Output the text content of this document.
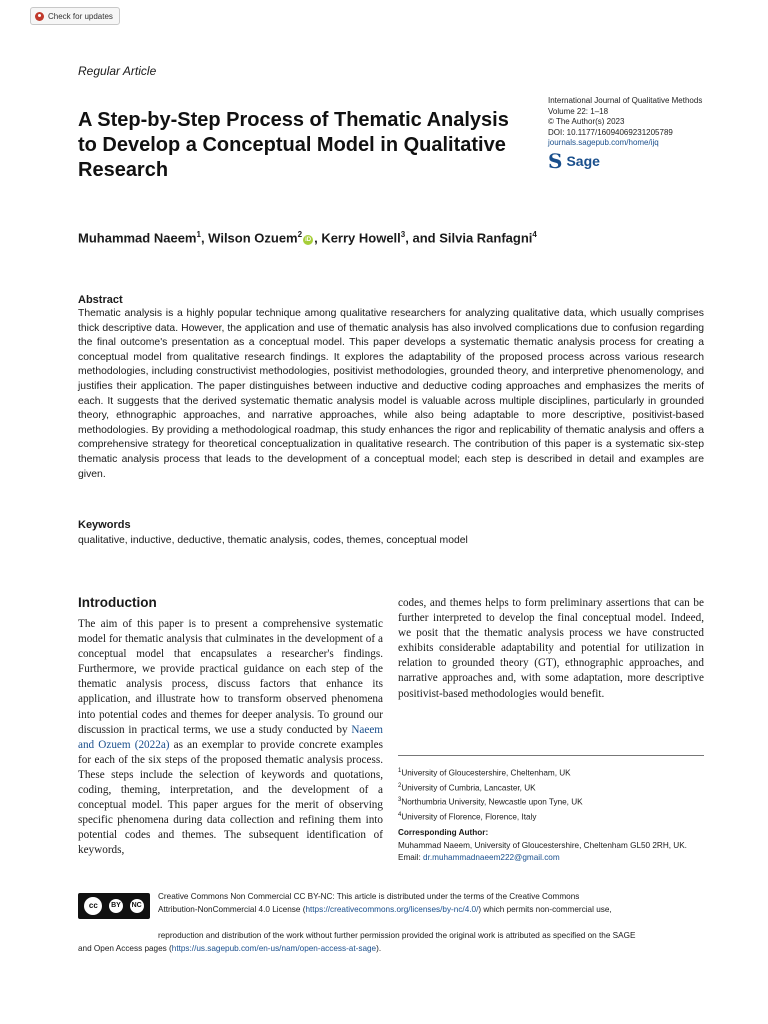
Check for updates
Regular Article
A Step-by-Step Process of Thematic Analysis to Develop a Conceptual Model in Qualitative Research
International Journal of Qualitative Methods
Volume 22: 1–18
© The Author(s) 2023
DOI: 10.1177/16094069231205789
journals.sagepub.com/home/ijq
S Sage
Muhammad Naeem$^1$, Wilson Ozuem$^2$iD , Kerry Howell$^3$, and Silvia Ranfagni$^4$
Abstract
Thematic analysis is a highly popular technique among qualitative researchers for analyzing qualitative data, which usually comprises thick descriptive data. However, the application and use of thematic analysis has also involved complications due to confusion regarding the final outcome's presentation as a conceptual model. This paper develops a systematic thematic analysis process for creating a conceptual model from qualitative research findings. It explores the adaptability of the proposed process across various research methodologies, including constructivist methodologies, positivist methodologies, grounded theory, and interpretive phenomenology, and justifies their application. The paper distinguishes between inductive and deductive coding approaches and emphasizes the merits of each. It suggests that the derived systematic thematic analysis model is valuable across multiple disciplines, particularly in grounded theory, ethnographic approaches, and narrative approaches, while also being adaptable to more descriptive, positivist-based methodologies. By providing a methodological roadmap, this study enhances the rigor and replicability of thematic analysis and offers a comprehensive strategy for theoretical conceptualization in qualitative research. The contribution of this paper is a systematic six-step thematic analysis process that leads to the development of a conceptual model; each step is described in detail and examples are given.
Keywords
qualitative, inductive, deductive, thematic analysis, codes, themes, conceptual model
Introduction
The aim of this paper is to present a comprehensive systematic model for thematic analysis that culminates in the development of a conceptual model that encapsulates a researcher's findings. Furthermore, we provide practical guidance on each step of the thematic analysis process, discuss factors that enhance its application, and illustrate how to transform observed phenomena into potential codes and themes for deeper analysis. To ground our discussion in practical terms, we use a study conducted by Naeem and Ozuem (2022a) as an exemplar to provide concrete examples for each of the six steps of the proposed thematic analysis process. These steps include the selection of keywords and quotations, coding, theming, interpretation, and the development of a conceptual model. This paper argues for the merit of observing specific phenomena during data collection and refining them into potential codes and themes. The subsequent identification of keywords,
codes, and themes helps to form preliminary assertions that can be further interpreted to develop the final conceptual model. Indeed, we posit that the thematic analysis process we have constructed exhibits considerable adaptability and potential for utilization in relation to grounded theory (GT), ethnographic approaches, and narrative approaches and, with some adaptation, more descriptive positivist-based methodologies would benefit.
$^1$University of Gloucestershire, Cheltenham, UK
$^2$University of Cumbria, Lancaster, UK
$^3$Northumbria University, Newcastle upon Tyne, UK
$^4$University of Florence, Florence, Italy
Corresponding Author:
Muhammad Naeem, University of Gloucestershire, Cheltenham GL50 2RH, UK.
Email: dr.muhammadnaeem222@gmail.com
cc	BY	NC
Creative Commons Non Commercial CC BY-NC: This article is distributed under the terms of the Creative Commons
Attribution-NonCommercial 4.0 License (https://creativecommons.org/licenses/by-nc/4.0/) which permits non-commercial use,
reproduction and distribution of the work without further permission provided the original work is attributed as specified on the SAGE
and Open Access pages (https://us.sagepub.com/en-us/nam/open-access-at-sage).
